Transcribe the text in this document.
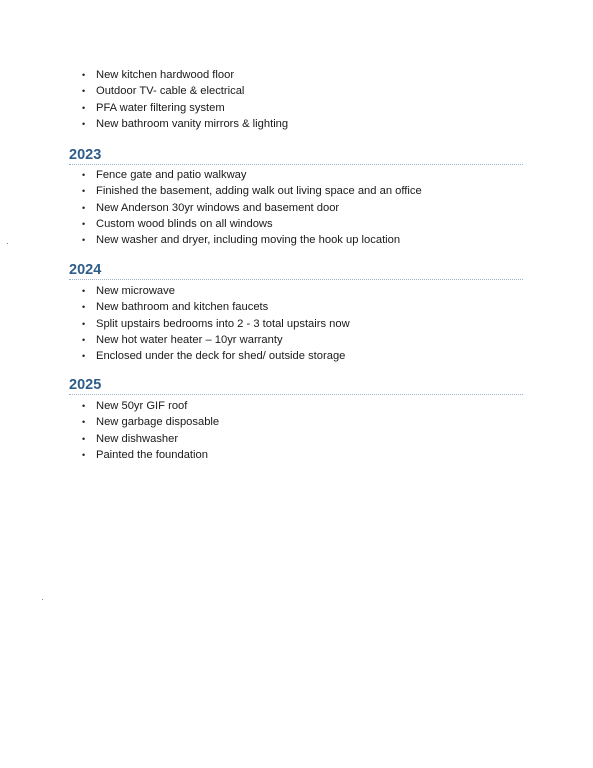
• New kitchen hardwood floor
• Outdoor TV- cable & electrical
• PFA water filtering system
• New bathroom vanity mirrors & lighting
2023
• Fence gate and patio walkway
• Finished the basement, adding walk out living space and an office
• New Anderson 30yr windows and basement door
• Custom wood blinds on all windows
• New washer and dryer, including moving the hook up location
2024
• New microwave
• New bathroom and kitchen faucets
• Split upstairs bedrooms into 2 - 3 total upstairs now
• New hot water heater – 10yr warranty
• Enclosed under the deck for shed/ outside storage
2025
• New 50yr GIF roof
• New garbage disposable
• New dishwasher
• Painted the foundation
